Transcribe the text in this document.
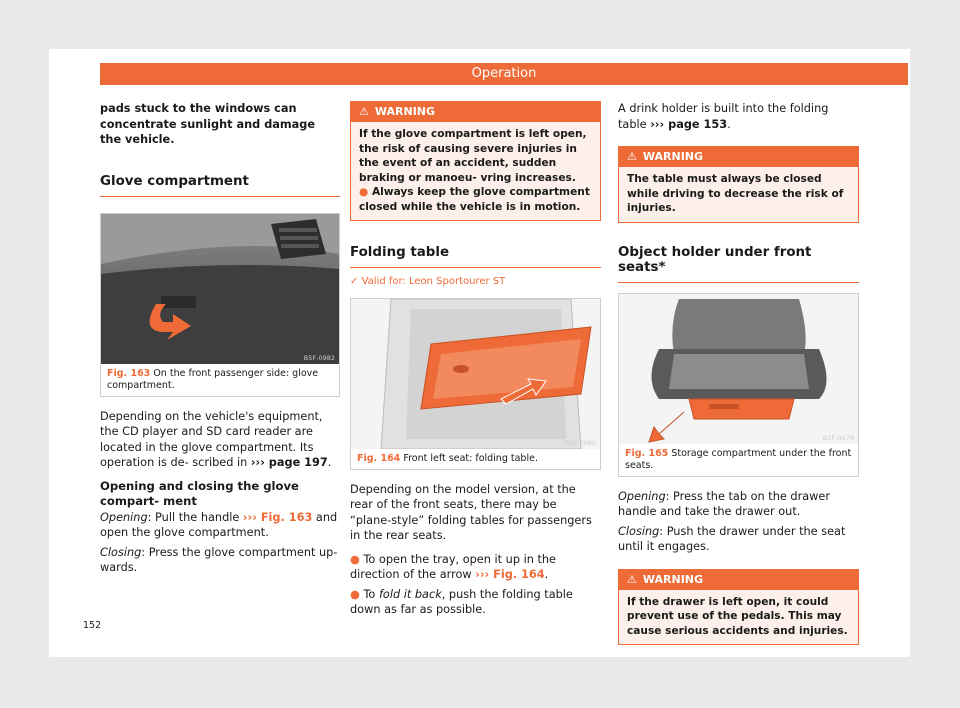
Operation

pads stuck to the windows can concentrate sunlight and damage the vehicle.

Glove compartment
B5F-0982
Fig. 163 On the front passenger side: glove compartment.

Depending on the vehicle's equipment, the CD player and SD card reader are located in the glove compartment. Its operation is de- scribed in ››› page 197.

Opening and closing the glove compart- ment

Opening: Pull the handle ››› Fig. 163 and open the glove compartment.

Closing: Press the glove compartment up- wards.

⚠ WARNING
If the glove compartment is left open, the risk of causing severe injuries in the event of an accident, sudden braking or manoeu- vring increases.
● Always keep the glove compartment closed while the vehicle is in motion.
Folding table

✓ Valid for: Leon Sportourer ST

B5F-0980
Fig. 164 Front left seat: folding table.

Depending on the model version, at the rear of the front seats, there may be “plane-style” folding tables for passengers in the rear seats.

● To open the tray, open it up in the direction of the arrow ››› Fig. 164.

● To fold it back, push the folding table down as far as possible.

A drink holder is built into the folding table ››› page 153.

⚠ WARNING
The table must always be closed while driving to decrease the risk of injuries.
Object holder under front seats*
B5F-0979
Fig. 165 Storage compartment under the front seats.

Opening: Press the tab on the drawer handle and take the drawer out.

Closing: Push the drawer under the seat until it engages.

⚠ WARNING
If the drawer is left open, it could prevent use of the pedals. This may cause serious accidents and injuries.
152
